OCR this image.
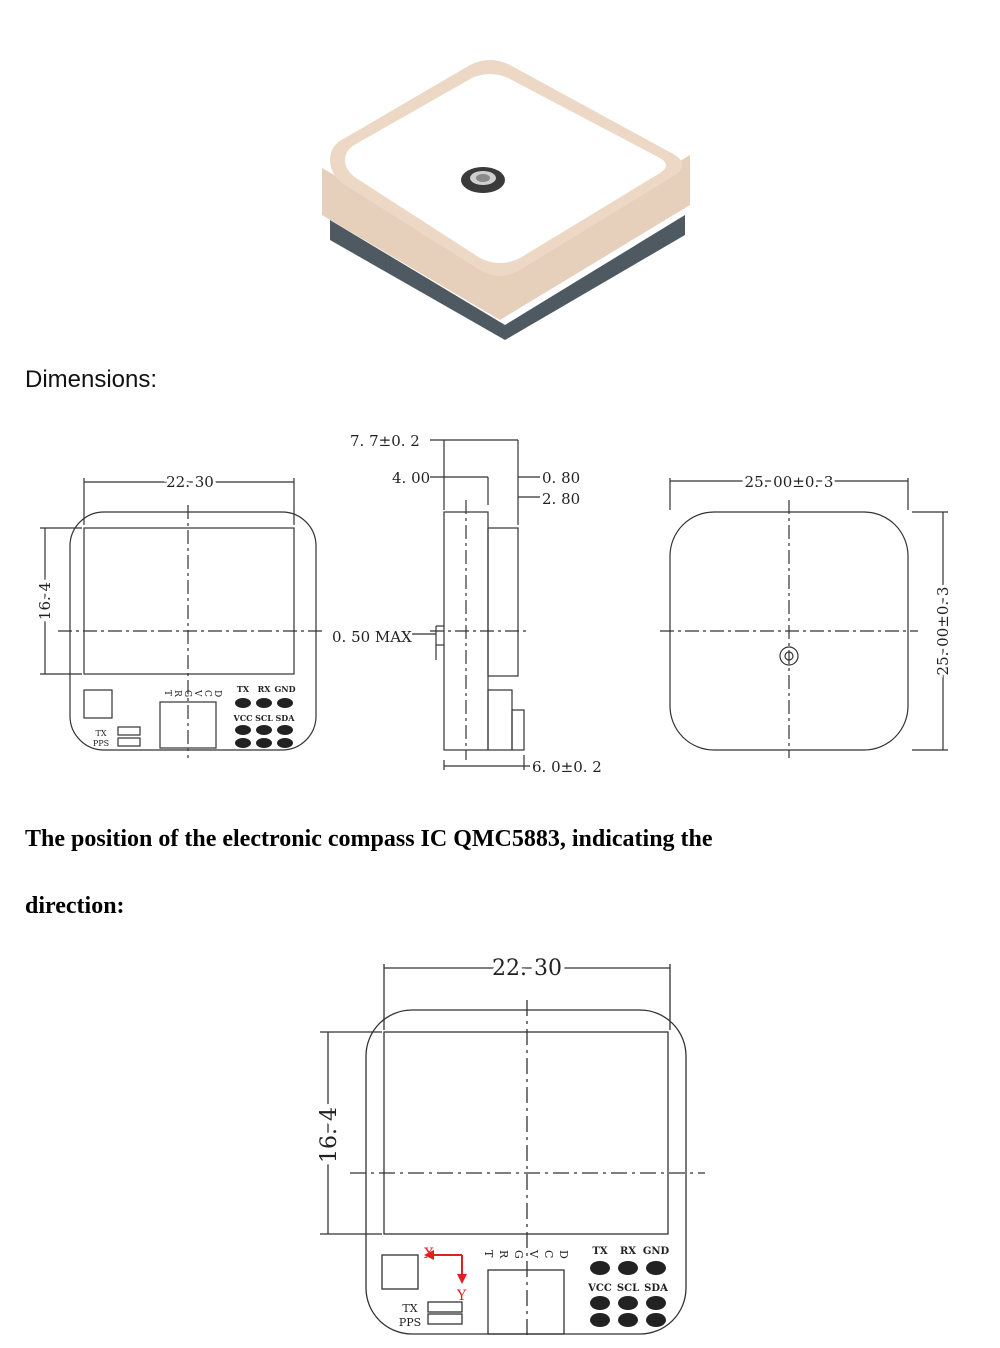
Dimensions:
22. 30
16. 4
TX RX GND
VCC SCL SDA
TX
PPS
T R G V C D
7. 7±0. 2
4. 00	0. 80
2. 80
0. 50 MAX
6. 0±0. 2
25. 00±0. 3
25. 00±0. 3
The position of the electronic compass IC QMC5883, indicating the
direction:
X
Y
22. 30
16. 4
TX RX GND
VCC SCL SDA
TX
PPS
T R G V C D
